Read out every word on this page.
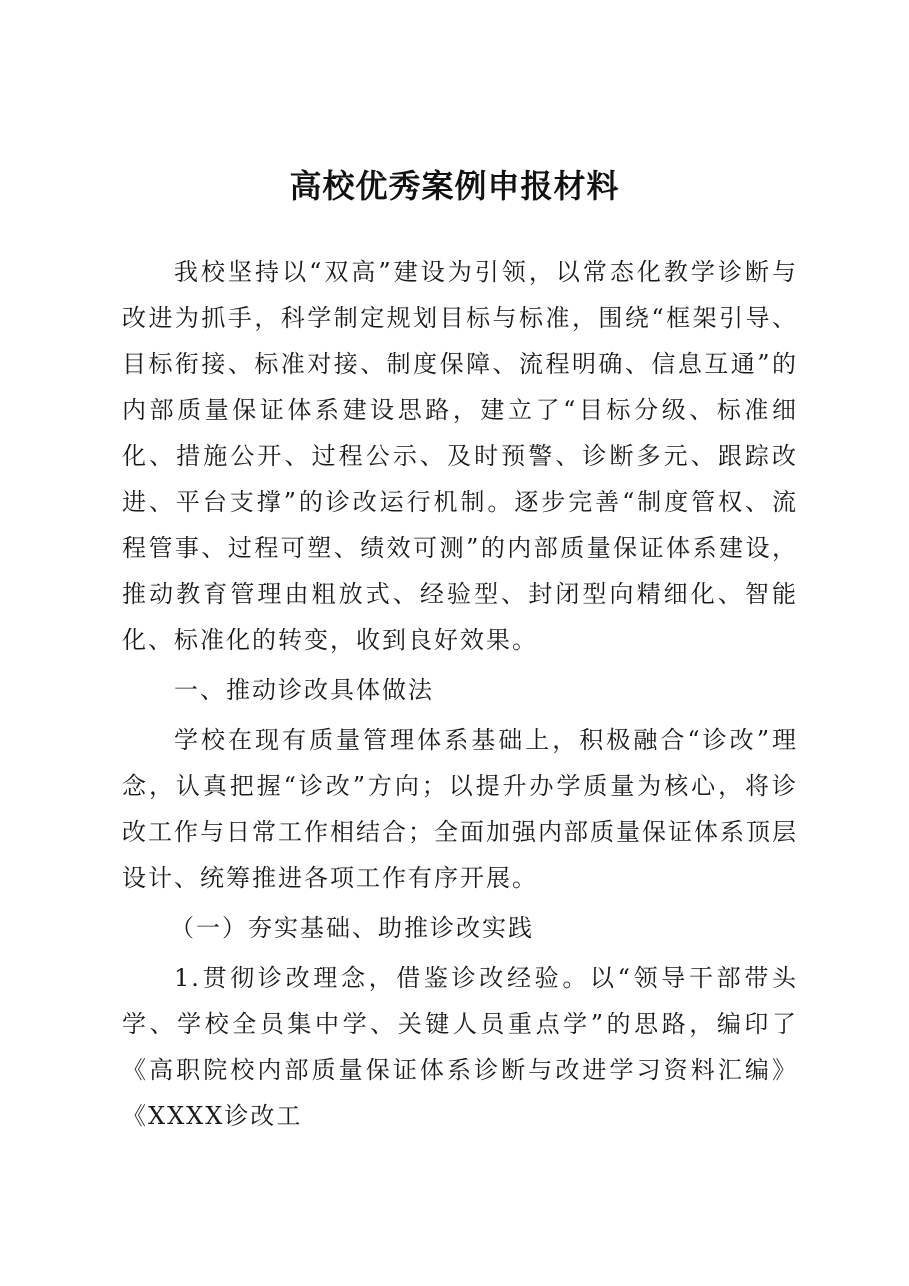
高校优秀案例申报材料

我校坚持以“双高”建设为引领，以常态化教学诊断与改进为抓手，科学制定规划目标与标准，围绕“框架引导、目标衔接、标准对接、制度保障、流程明确、信息互通”的内部质量保证体系建设思路，建立了“目标分级、标准细化、措施公开、过程公示、及时预警、诊断多元、跟踪改进、平台支撑”的诊改运行机制。逐步完善“制度管权、流程管事、过程可塑、绩效可测”的内部质量保证体系建设，推动教育管理由粗放式、经验型、封闭型向精细化、智能化、标准化的转变，收到良好效果。

一、推动诊改具体做法

学校在现有质量管理体系基础上，积极融合“诊改”理念，认真把握“诊改”方向；以提升办学质量为核心，将诊改工作与日常工作相结合；全面加强内部质量保证体系顶层设计、统筹推进各项工作有序开展。

（一）夯实基础、助推诊改实践

1.贯彻诊改理念，借鉴诊改经验。以“领导干部带头学、学校全员集中学、关键人员重点学”的思路，编印了《高职院校内部质量保证体系诊断与改进学习资料汇编》《XXXX诊改工
